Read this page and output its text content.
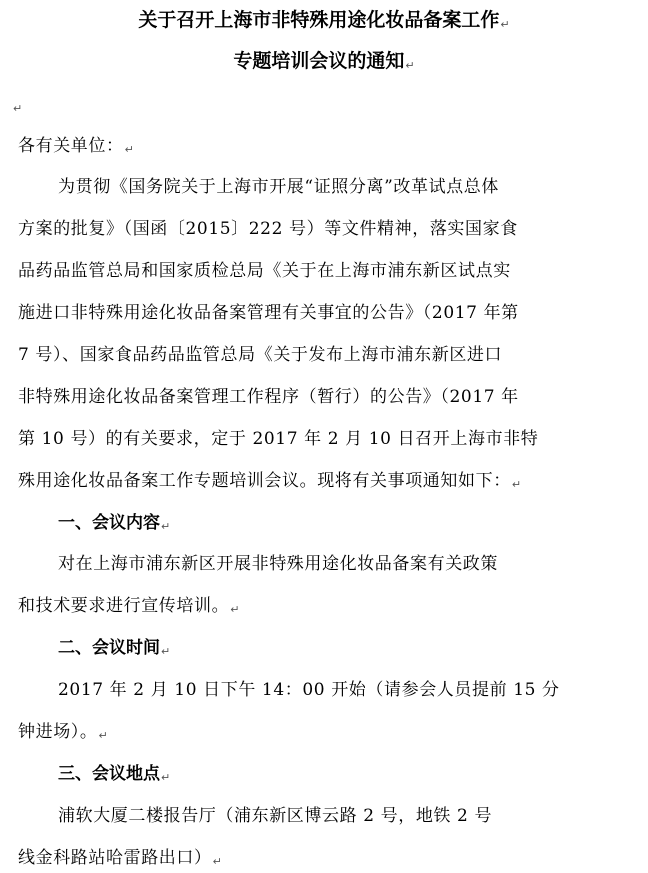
关于召开上海市非特殊用途化妆品备案工作↵
专题培训会议的通知↵
↵
各有关单位：↵
为贯彻《国务院关于上海市开展“证照分离”改革试点总体
方案的批复》（国函〔2015〕222 号）等文件精神，落实国家食
品药品监管总局和国家质检总局《关于在上海市浦东新区试点实
施进口非特殊用途化妆品备案管理有关事宜的公告》（2017 年第
7 号）、国家食品药品监管总局《关于发布上海市浦东新区进口
非特殊用途化妆品备案管理工作程序（暂行）的公告》（2017 年
第 10 号）的有关要求，定于 2017 年 2 月 10 日召开上海市非特
殊用途化妆品备案工作专题培训会议。现将有关事项通知如下：↵
一、会议内容↵
对在上海市浦东新区开展非特殊用途化妆品备案有关政策
和技术要求进行宣传培训。↵
二、会议时间↵
2017 年 2 月 10 日下午 14：00 开始（请参会人员提前 15 分
钟进场）。↵
三、会议地点↵
浦软大厦二楼报告厅（浦东新区博云路 2 号，地铁 2 号
线金科路站哈雷路出口）↵
